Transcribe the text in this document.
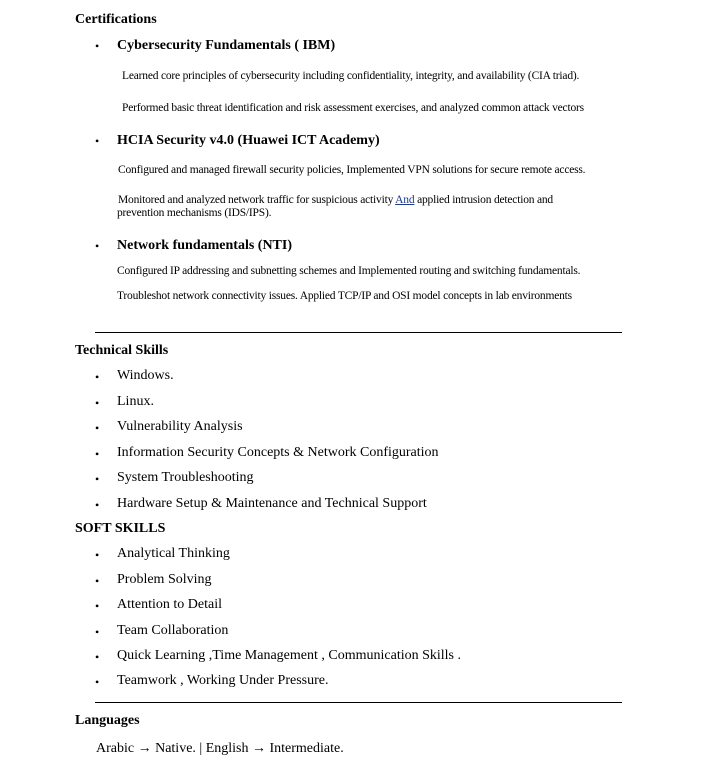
Certifications
• Cybersecurity Fundamentals ( IBM)
Learned core principles of cybersecurity including confidentiality, integrity, and availability (CIA triad).
Performed basic threat identification and risk assessment exercises, and analyzed common attack vectors
• HCIA Security v4.0 (Huawei ICT Academy)
Configured and managed firewall security policies, Implemented VPN solutions for secure remote access.
Monitored and analyzed network traffic for suspicious activity And applied intrusion detection and
prevention mechanisms (IDS/IPS).
• Network fundamentals (NTI)
Configured IP addressing and subnetting schemes and Implemented routing and switching fundamentals.
Troubleshot network connectivity issues. Applied TCP/IP and OSI model concepts in lab environments
Technical Skills
• Windows.
• Linux.
• Vulnerability Analysis
• Information Security Concepts & Network Configuration
• System Troubleshooting
• Hardware Setup & Maintenance and Technical Support
SOFT SKILLS
• Analytical Thinking
• Problem Solving
• Attention to Detail
• Team Collaboration
• Quick Learning ,Time Management , Communication Skills .
• Teamwork , Working Under Pressure.
Languages
Arabic → Native. | English → Intermediate.
